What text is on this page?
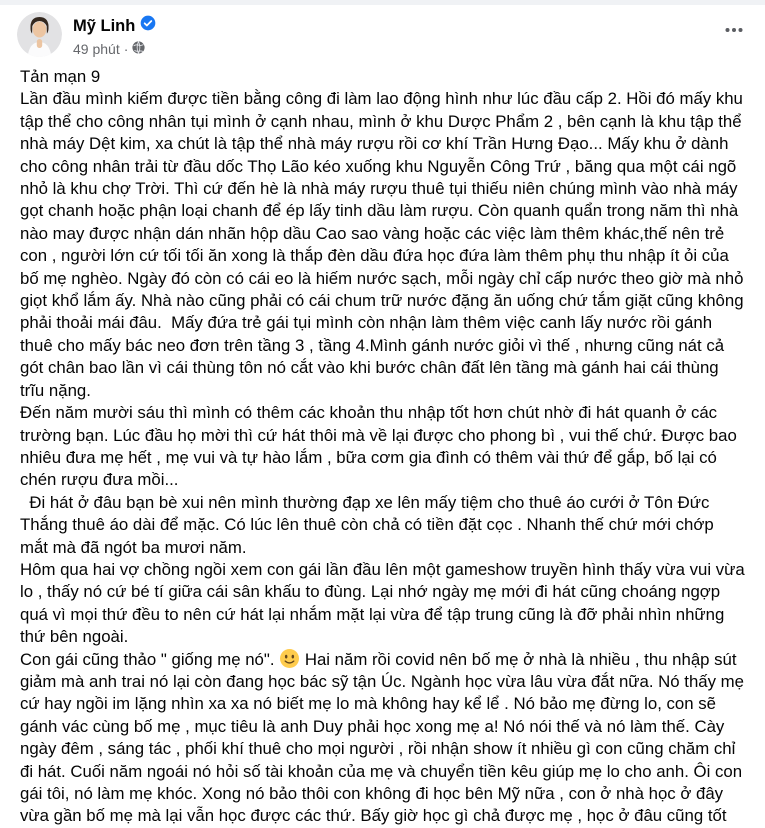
Mỹ Linh
49 phút ·
Tản mạn 9
Lần đầu mình kiếm được tiền bằng công đi làm lao động hình như lúc đầu cấp 2. Hồi đó mấy khu tập thể cho công nhân tụi mình ở cạnh nhau, mình ở khu Dược Phẩm 2 , bên cạnh là khu tập thể nhà máy Dệt kim, xa chút là tập thể nhà máy rượu rồi cơ khí Trần Hưng Đạo... Mấy khu ở dành cho công nhân trải từ đầu dốc Thọ Lão kéo xuống khu Nguyễn Công Trứ , băng qua một cái ngõ nhỏ là khu chợ Trời. Thì cứ đến hè là nhà máy rượu thuê tụi thiếu niên chúng mình vào nhà máy gọt chanh hoặc phận loại chanh để ép lấy tinh dầu làm rượu. Còn quanh quẩn trong năm thì nhà nào may được nhận dán nhãn hộp dầu Cao sao vàng hoặc các việc làm thêm khác,thế nên trẻ con , người lớn cứ tối tối ăn xong là thắp đèn dầu đứa học đứa làm thêm phụ thu nhập ít ỏi của bố mẹ nghèo. Ngày đó còn có cái eo là hiếm nước sạch, mỗi ngày chỉ cấp nước theo giờ mà nhỏ giọt khổ lắm ấy. Nhà nào cũng phải có cái chum trữ nước đặng ăn uống chứ tắm giặt cũng không phải thoải mái đâu.  Mấy đứa trẻ gái tụi mình còn nhận làm thêm việc canh lấy nước rồi gánh thuê cho mấy bác neo đơn trên tầng 3 , tầng 4.Mình gánh nước giỏi vì thế , nhưng cũng nát cả gót chân bao lần vì cái thùng tôn nó cắt vào khi bước chân đất lên tầng mà gánh hai cái thùng trĩu nặng.
Đến năm mười sáu thì mình có thêm các khoản thu nhập tốt hơn chút nhờ đi hát quanh ở các trường bạn. Lúc đầu họ mời thì cứ hát thôi mà về lại được cho phong bì , vui thế chứ. Được bao nhiêu đưa mẹ hết , mẹ vui và tự hào lắm , bữa cơm gia đình có thêm vài thứ để gắp, bố lại có chén rượu đưa mồi...
Đi hát ở đâu bạn bè xui nên mình thường đạp xe lên mấy tiệm cho thuê áo cưới ở Tôn Đức Thắng thuê áo dài để mặc. Có lúc lên thuê còn chả có tiền đặt cọc . Nhanh thế chứ mới chớp mắt mà đã ngót ba mươi năm.
Hôm qua hai vợ chồng ngồi xem con gái lần đầu lên một gameshow truyền hình thấy vừa vui vừa lo , thấy nó cứ bé tí giữa cái sân khấu to đùng. Lại nhớ ngày mẹ mới đi hát cũng choáng ngợp quá vì mọi thứ đều to nên cứ hát lại nhắm mặt lại vừa để tập trung cũng là đỡ phải nhìn những thứ bên ngoài.
Con gái cũng thảo " giống mẹ nó".  Hai năm rồi covid nên bố mẹ ở nhà là nhiều , thu nhập sút giảm mà anh trai nó lại còn đang học bác sỹ tận Úc. Ngành học vừa lâu vừa đắt nữa. Nó thấy mẹ cứ hay ngồi im lặng nhìn xa xa nó biết mẹ lo mà không hay kể lể . Nó bảo mẹ đừng lo, con sẽ gánh vác cùng bố mẹ , mục tiêu là anh Duy phải học xong mẹ a! Nó nói thế và nó làm thế. Cày ngày đêm , sáng tác , phối khí thuê cho mọi người , rồi nhận show ít nhiều gì con cũng chăm chỉ đi hát. Cuối năm ngoái nó hỏi số tài khoản của mẹ và chuyển tiền kêu giúp mẹ lo cho anh. Ôi con gái tôi, nó làm mẹ khóc. Xong nó bảo thôi con không đi học bên Mỹ nữa , con ở nhà học ở đây vừa gần bố mẹ mà lại vẫn học được các thứ. Bấy giờ học gì chả được mẹ , học ở đâu cũng tốt
